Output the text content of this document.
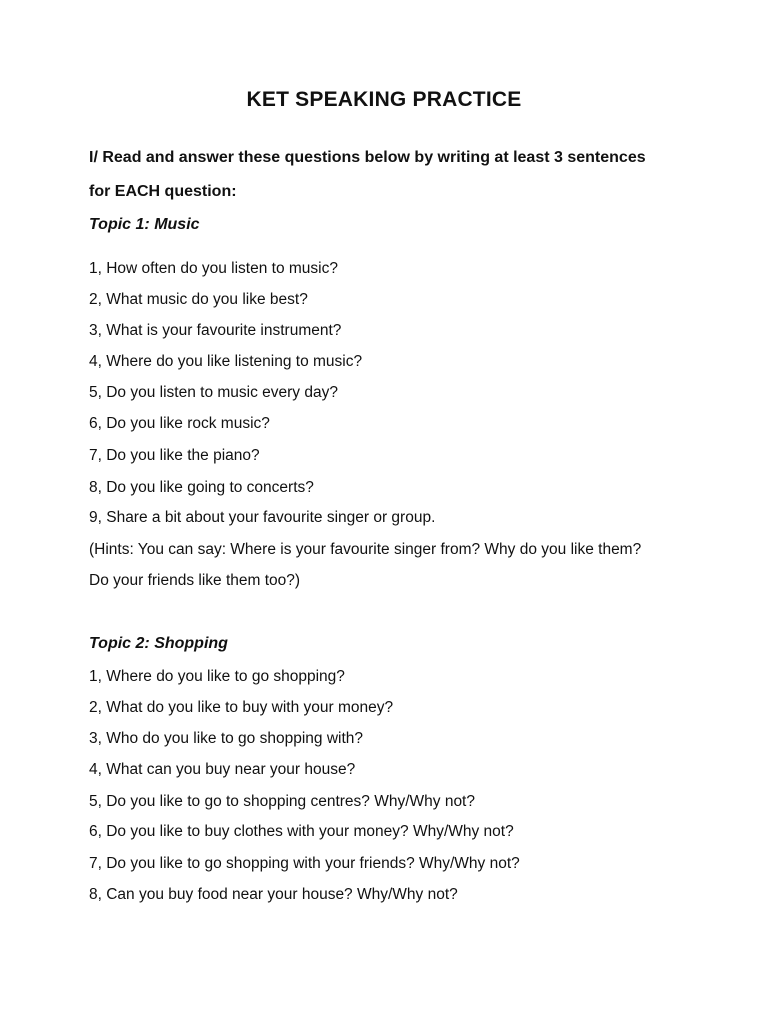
KET SPEAKING PRACTICE
I/ Read and answer these questions below by writing at least 3 sentences
for EACH question:
Topic 1: Music
1, How often do you listen to music?
2, What music do you like best?
3, What is your favourite instrument?
4, Where do you like listening to music?
5, Do you listen to music every day?
6, Do you like rock music?
7, Do you like the piano?
8, Do you like going to concerts?
9, Share a bit about your favourite singer or group.
(Hints: You can say: Where is your favourite singer from? Why do you like them?
Do your friends like them too?)
Topic 2: Shopping
1, Where do you like to go shopping?
2, What do you like to buy with your money?
3, Who do you like to go shopping with?
4, What can you buy near your house?
5, Do you like to go to shopping centres? Why/Why not?
6, Do you like to buy clothes with your money? Why/Why not?
7, Do you like to go shopping with your friends? Why/Why not?
8, Can you buy food near your house? Why/Why not?
